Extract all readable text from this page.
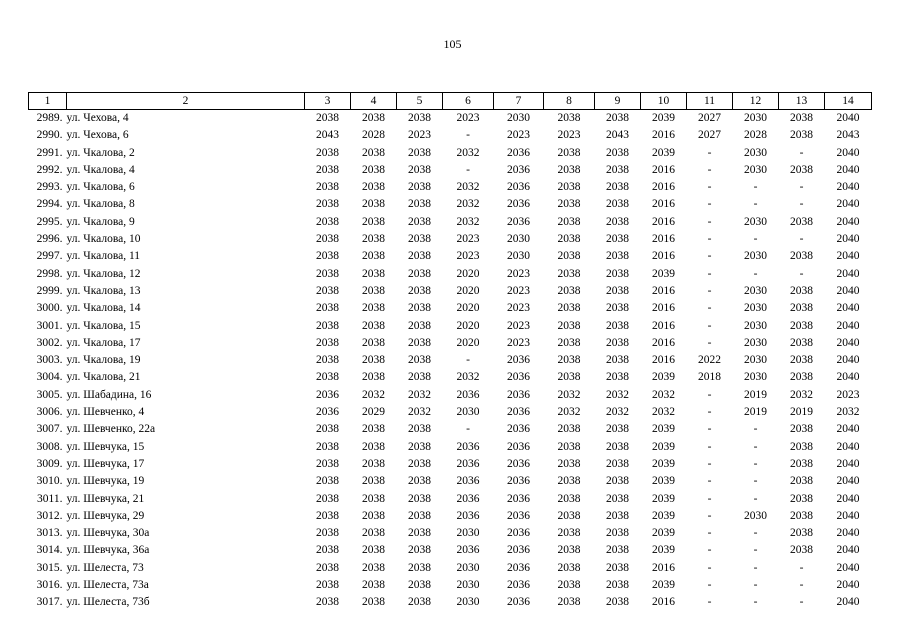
105
1	2	3	4	5	6	7	8	9	10	11	12	13	14
2989.	ул. Чехова, 4	2038	2038	2038	2023	2030	2038	2038	2039	2027	2030	2038	2040
2990.	ул. Чехова, 6	2043	2028	2023	-	2023	2023	2043	2016	2027	2028	2038	2043
2991.	ул. Чкалова, 2	2038	2038	2038	2032	2036	2038	2038	2039	-	2030	-	2040
2992.	ул. Чкалова, 4	2038	2038	2038	-	2036	2038	2038	2016	-	2030	2038	2040
2993.	ул. Чкалова, 6	2038	2038	2038	2032	2036	2038	2038	2016	-	-	-	2040
2994.	ул. Чкалова, 8	2038	2038	2038	2032	2036	2038	2038	2016	-	-	-	2040
2995.	ул. Чкалова, 9	2038	2038	2038	2032	2036	2038	2038	2016	-	2030	2038	2040
2996.	ул. Чкалова, 10	2038	2038	2038	2023	2030	2038	2038	2016	-	-	-	2040
2997.	ул. Чкалова, 11	2038	2038	2038	2023	2030	2038	2038	2016	-	2030	2038	2040
2998.	ул. Чкалова, 12	2038	2038	2038	2020	2023	2038	2038	2039	-	-	-	2040
2999.	ул. Чкалова, 13	2038	2038	2038	2020	2023	2038	2038	2016	-	2030	2038	2040
3000.	ул. Чкалова, 14	2038	2038	2038	2020	2023	2038	2038	2016	-	2030	2038	2040
3001.	ул. Чкалова, 15	2038	2038	2038	2020	2023	2038	2038	2016	-	2030	2038	2040
3002.	ул. Чкалова, 17	2038	2038	2038	2020	2023	2038	2038	2016	-	2030	2038	2040
3003.	ул. Чкалова, 19	2038	2038	2038	-	2036	2038	2038	2016	2022	2030	2038	2040
3004.	ул. Чкалова, 21	2038	2038	2038	2032	2036	2038	2038	2039	2018	2030	2038	2040
3005.	ул. Шабадина, 16	2036	2032	2032	2036	2036	2032	2032	2032	-	2019	2032	2023
3006.	ул. Шевченко, 4	2036	2029	2032	2030	2036	2032	2032	2032	-	2019	2019	2032
3007.	ул. Шевченко, 22а	2038	2038	2038	-	2036	2038	2038	2039	-	-	2038	2040
3008.	ул. Шевчука, 15	2038	2038	2038	2036	2036	2038	2038	2039	-	-	2038	2040
3009.	ул. Шевчука, 17	2038	2038	2038	2036	2036	2038	2038	2039	-	-	2038	2040
3010.	ул. Шевчука, 19	2038	2038	2038	2036	2036	2038	2038	2039	-	-	2038	2040
3011.	ул. Шевчука, 21	2038	2038	2038	2036	2036	2038	2038	2039	-	-	2038	2040
3012.	ул. Шевчука, 29	2038	2038	2038	2036	2036	2038	2038	2039	-	2030	2038	2040
3013.	ул. Шевчука, 30а	2038	2038	2038	2030	2036	2038	2038	2039	-	-	2038	2040
3014.	ул. Шевчука, 36а	2038	2038	2038	2036	2036	2038	2038	2039	-	-	2038	2040
3015.	ул. Шелеста, 73	2038	2038	2038	2030	2036	2038	2038	2016	-	-	-	2040
3016.	ул. Шелеста, 73а	2038	2038	2038	2030	2036	2038	2038	2039	-	-	-	2040
3017.	ул. Шелеста, 73б	2038	2038	2038	2030	2036	2038	2038	2016	-	-	-	2040
